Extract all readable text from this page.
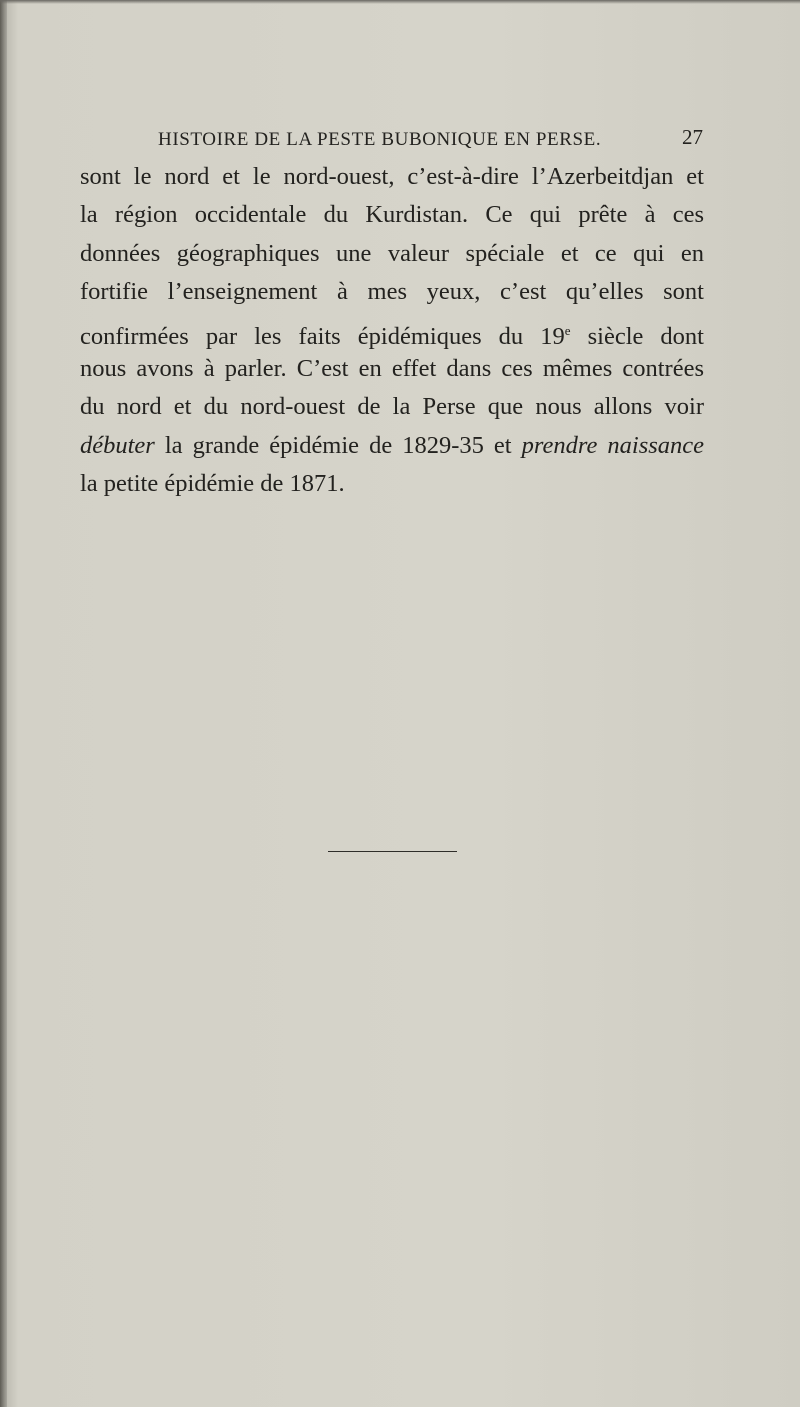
HISTOIRE DE LA PESTE BUBONIQUE EN PERSE.	27
sont le nord et le nord-ouest, c’est-à-dire l’Azerbeitdjan et
la région occidentale du Kurdistan. Ce qui prête à ces
données géographiques une valeur spéciale et ce qui en
fortifie l’enseignement à mes yeux, c’est qu’elles sont
confirmées par les faits épidémiques du 19e siècle dont
nous avons à parler. C’est en effet dans ces mêmes contrées
du nord et du nord-ouest de la Perse que nous allons voir
débuter la grande épidémie de 1829-35 et prendre naissance
la petite épidémie de 1871.
